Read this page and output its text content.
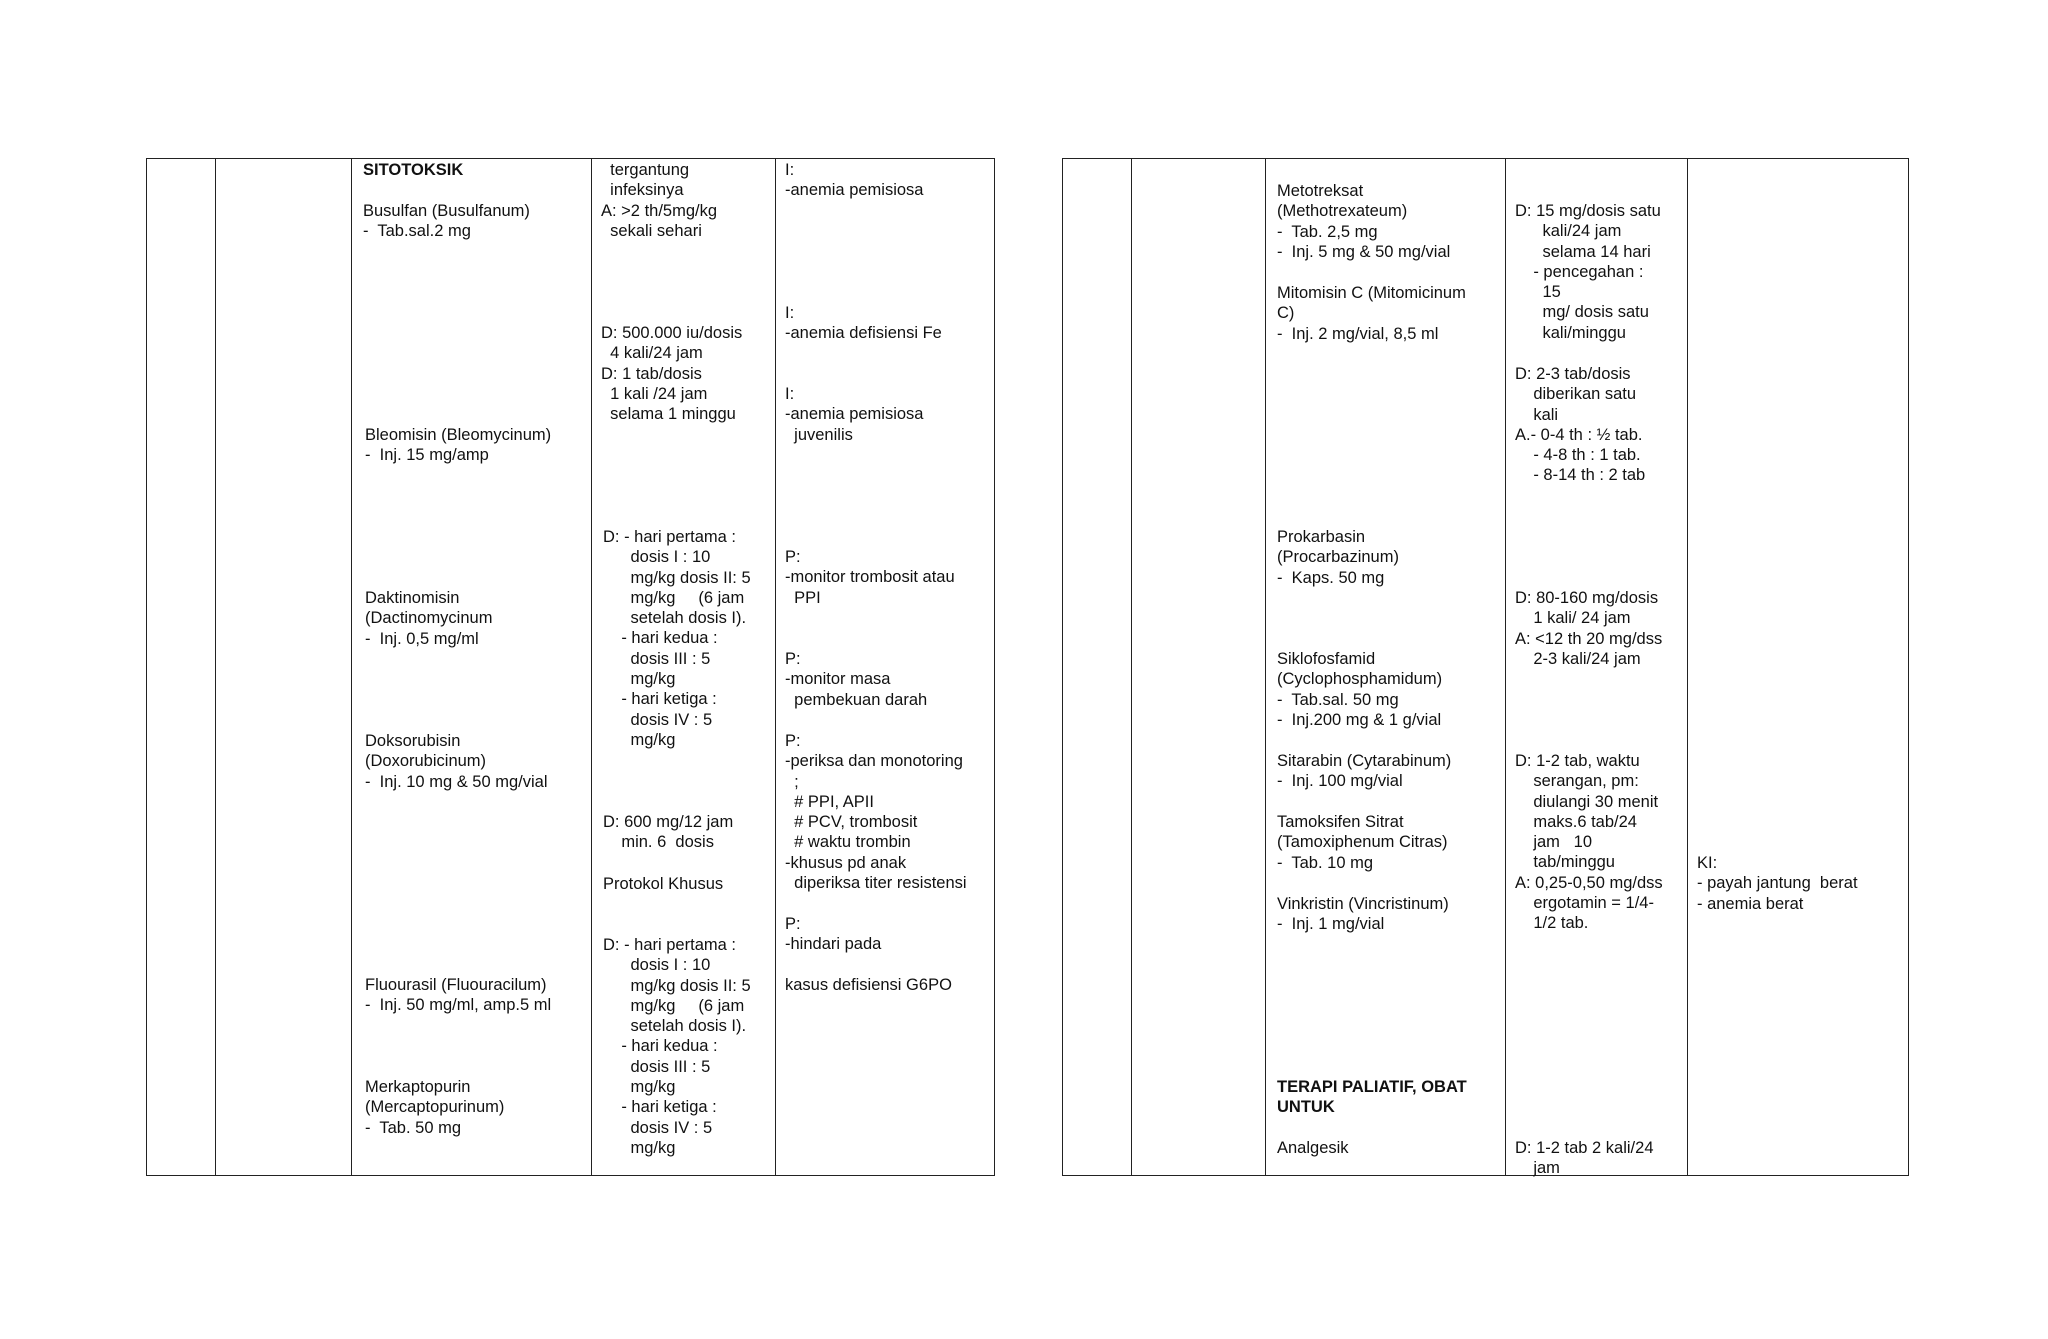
SITOTOKSIK

Busulfan (Busulfanum)
-  Tab.sal.2 mg

Bleomisin (Bleomycinum)
-  Inj. 15 mg/amp

Daktinomisin
(Dactinomycinum
-  Inj. 0,5 mg/ml

Doksorubisin
(Doxorubicinum)
-  Inj. 10 mg & 50 mg/vial

Fluourasil (Fluouracilum)
-  Inj. 50 mg/ml, amp.5 ml

Merkaptopurin
(Mercaptopurinum)
-  Tab. 50 mg

tergantung
infeksinya
A: >2 th/5mg/kg
sekali sehari

D: 500.000 iu/dosis
4 kali/24 jam
D: 1 tab/dosis
1 kali /24 jam
selama 1 minggu

D: - hari pertama :
dosis I : 10
mg/kg dosis II: 5
mg/kg     (6 jam
setelah dosis I).
- hari kedua :
dosis III : 5
mg/kg
- hari ketiga :
dosis IV : 5
mg/kg

D: 600 mg/12 jam
min. 6  dosis

Protokol Khusus

D: - hari pertama :
dosis I : 10
mg/kg dosis II: 5
mg/kg     (6 jam
setelah dosis I).
- hari kedua :
dosis III : 5
mg/kg
- hari ketiga :
dosis IV : 5
mg/kg

I:
-anemia pemisiosa

I:
-anemia defisiensi Fe

I:
-anemia pemisiosa
juvenilis

P:
-monitor trombosit atau
PPI

P:
-monitor masa
pembekuan darah

P:
-periksa dan monotoring
;
# PPI, APII
# PCV, trombosit
# waktu trombin
-khusus pd anak
diperiksa titer resistensi

P:
-hindari pada

kasus defisiensi G6PO

Metotreksat
(Methotrexateum)
-  Tab. 2,5 mg
-  Inj. 5 mg & 50 mg/vial

Mitomisin C (Mitomicinum
C)
-  Inj. 2 mg/vial, 8,5 ml

Prokarbasin
(Procarbazinum)
-  Kaps. 50 mg

Siklofosfamid
(Cyclophosphamidum)
-  Tab.sal. 50 mg
-  Inj.200 mg & 1 g/vial

Sitarabin (Cytarabinum)
-  Inj. 100 mg/vial

Tamoksifen Sitrat
(Tamoxiphenum Citras)
-  Tab. 10 mg

Vinkristin (Vincristinum)
-  Inj. 1 mg/vial

TERAPI PALIATIF, OBAT
UNTUK

Analgesik

D: 15 mg/dosis satu
kali/24 jam
selama 14 hari
- pencegahan :
15
mg/ dosis satu
kali/minggu

D: 2-3 tab/dosis
diberikan satu
kali
A.- 0-4 th : ½ tab.
- 4-8 th : 1 tab.
- 8-14 th : 2 tab

D: 80-160 mg/dosis
1 kali/ 24 jam
A: <12 th 20 mg/dss
2-3 kali/24 jam

D: 1-2 tab, waktu
serangan, pm:
diulangi 30 menit
maks.6 tab/24
jam   10
tab/minggu
A: 0,25-0,50 mg/dss
ergotamin = 1/4-
1/2 tab.

D: 1-2 tab 2 kali/24
jam

KI:
- payah jantung  berat
- anemia berat
